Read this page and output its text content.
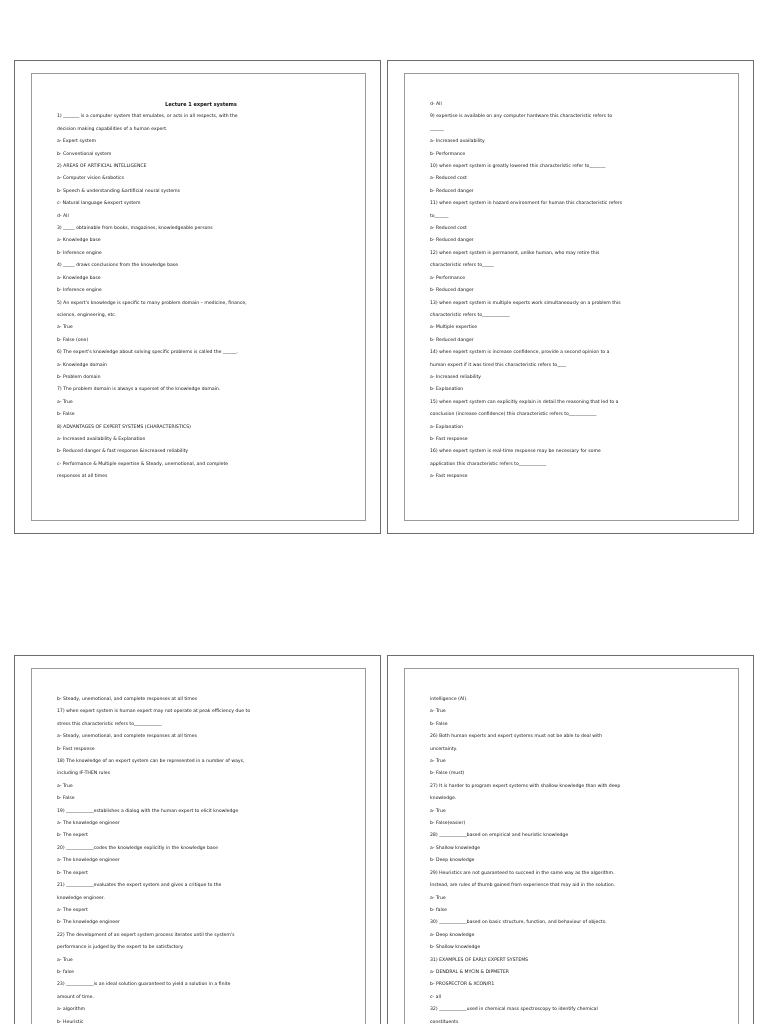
Lecture 1 expert systems
1) _______ is a computer system that emulates, or acts in all respects, with the
decision making capabilities of a human expert.
a- Expert system
b- Conventional system
2) AREAS OF ARTIFICIAL INTELLIGENCE
a- Computer vision &robotics
b- Speech & understanding &artificial neural systems
c- Natural language &expert system
d- All
3) _____ obtainable from books, magazines, knowledgeable persons
a- Knowledge base
b- Inference engine
4) _____ draws conclusions from the knowledge base
a- Knowledge base
b- Inference engine
5) An expert's knowledge is specific to many problem domain – medicine, finance,
science, engineering, etc.
a- True
b- False (one)
6) The expert's knowledge about solving specific problems is called the ______.
a- Knowledge domain
b- Problem domain
7) The problem domain is always a superset of the knowledge domain.
a- True
b- False
8) ADVANTAGES OF EXPERT SYSTEMS (CHARACTERISTICS)
a- Increased availability & Explanation
b- Reduced danger & fast response &increased reliability
c- Performance & Multiple expertise & Steady, unemotional, and complete
responses at all times
d- All
9) expertise is available on any computer hardware this characteristic refers to
______
a- Increased availability
b- Performance
10) when expert system is greatly lowered this characteristic refer to_______
a- Reduced cost
b- Reduced danger
11) when expert system in hazard environment for human this characteristic refers
to______
a- Reduced cost
b- Reduced danger
12) when expert system is permanent, unlike human, who may retire this
characteristic refers to_____
a- Performance
b- Reduced danger
13) when expert system is multiple experts work simultaneously on a problem this
characteristic refers to____________
a- Multiple expertise
b- Reduced danger
14) when expert system is increase confidence, provide a second opinion to a
human expert if it was tired this characteristic refers to____
a- Increased reliability
b- Explanation
15) when expert system can explicitly explain in detail the reasoning that led to a
conclusion (increase confidence) this characteristic refers to____________
a- Explanation
b- Fast response
16) when expert system is real-time response may be necessary for some
application this characteristic refers to____________
a- Fast response
b- Steady, unemotional, and complete responses at all times
17) when expert system is human expert may not operate at peak efficiency due to
stress this characteristic refers to____________
a- Steady, unemotional, and complete responses at all times
b- Fast response
18) The knowledge of an expert system can be represented in a number of ways,
including IF-THEN rules
a- True
b- False
19) ____________establishes a dialog with the human expert to elicit knowledge
a- The knowledge engineer
b- The expert
20) ____________codes the knowledge explicitly in the knowledge base
a- The knowledge engineer
b- The expert
21) ____________evaluates the expert system and gives a critique to the
knowledge engineer.
a- The expert
b- The knowledge engineer
22) The development of an expert system process iterates until the system's
performance is judged by the expert to be satisfactory.
a- True
b- false
23) ____________is an ideal solution guaranteed to yield a solution in a finite
amount of time.
a- algorithm
b- Heuristic
intelligence (AI).
a- True
b- False
26) Both human experts and expert systems must not be able to deal with
uncertainty.
a- True
b- False (must)
27) It is harder to program expert systems with shallow knowledge than with deep
knowledge.
a- True
b- False(easier)
28) ____________based on empirical and heuristic knowledge
a- Shallow knowledge
b- Deep knowledge
29) Heuristics are not guaranteed to succeed in the same way as the algorithm.
Instead, are rules of thumb gained from experience that may aid in the solution.
a- True
b- false
30) ____________based on basic structure, function, and behaviour of objects.
a- Deep knowledge
b- Shallow knowledge
31) EXAMPLES OF EARLY EXPERT SYSTEMS
a- DENDRAL & MYCIN & DIPMETER
b- PROSPECTOR & XCON/R1
c- all
32) ____________used in chemical mass spectroscopy to identify chemical
constituents
